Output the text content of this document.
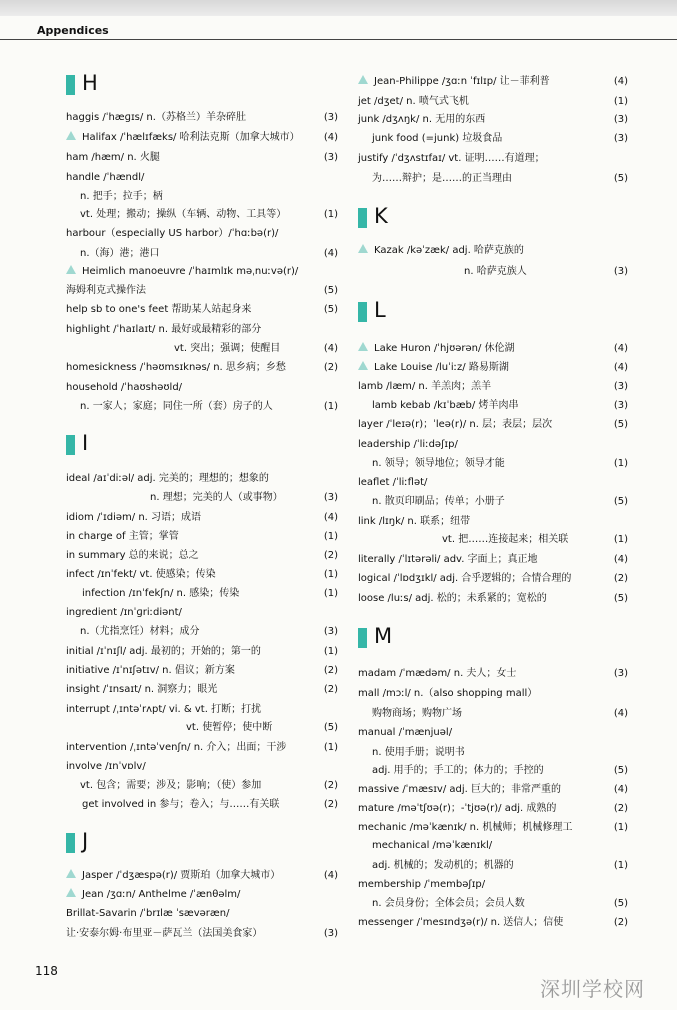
Appendices
H
haggis /ˈhæɡɪs/ n.（苏格兰）羊杂碎肚	(3)
Halifax /ˈhælɪfæks/ 哈利法克斯（加拿大城市）	(4)
ham /hæm/ n. 火腿	(3)
handle /ˈhændl/
n. 把手；拉手；柄
vt. 处理；搬动；操纵（车辆、动物、工具等）	(1)
harbour（especially US harbor）/ˈhɑːbə(r)/
n.（海）港；港口	(4)
Heimlich manoeuvre /ˈhaɪmlɪk məˌnuːvə(r)/
海姆利克式操作法	(5)
help sb to one's feet 帮助某人站起身来	(5)
highlight /ˈhaɪlaɪt/ n. 最好或最精彩的部分
vt. 突出；强调；使醒目	(4)
homesickness /ˈhəʊmsɪknəs/ n. 思乡病；乡愁	(2)
household /ˈhaʊshəʊld/
n. 一家人；家庭；同住一所（套）房子的人	(1)
I
ideal /aɪˈdiːəl/ adj. 完美的；理想的；想象的
n. 理想；完美的人（或事物）	(3)
idiom /ˈɪdiəm/ n. 习语；成语	(4)
in charge of 主管；掌管	(1)
in summary 总的来说；总之	(2)
infect /ɪnˈfekt/ vt. 使感染；传染	(1)
infection /ɪnˈfekʃn/ n. 感染；传染	(1)
ingredient /ɪnˈɡriːdiənt/
n.（尤指烹饪）材料；成分	(3)
initial /ɪˈnɪʃl/ adj. 最初的；开始的；第一的	(1)
initiative /ɪˈnɪʃətɪv/ n. 倡议；新方案	(2)
insight /ˈɪnsaɪt/ n. 洞察力；眼光	(2)
interrupt /ˌɪntəˈrʌpt/ vi. & vt. 打断；打扰
vt. 使暂停；使中断	(5)
intervention /ˌɪntəˈvenʃn/ n. 介入；出面；干涉	(1)
involve /ɪnˈvɒlv/
vt. 包含；需要；涉及；影响；（使）参加	(2)
get involved in 参与；卷入；与……有关联	(2)
J
Jasper /ˈdʒæspə(r)/ 贾斯珀（加拿大城市）	(4)
Jean /ʒɑːn/ Anthelme /ˈænθəlm/
Brillat-Savarin /ˈbrɪlæ ˈsævəræn/
让·安泰尔姆·布里亚－萨瓦兰（法国美食家）	(3)
Jean-Philippe /ʒɑːn ˈfɪlɪp/ 让－菲利普	(4)
jet /dʒet/ n. 喷气式飞机	(1)
junk /dʒʌŋk/ n. 无用的东西	(3)
junk food (=junk) 垃圾食品	(3)
justify /ˈdʒʌstɪfaɪ/ vt. 证明……有道理；
为……辩护；是……的正当理由	(5)
K
Kazak /kəˈzæk/ adj. 哈萨克族的
n. 哈萨克族人	(3)
L
Lake Huron /ˈhjʊərən/ 休伦湖	(4)
Lake Louise /luˈiːz/ 路易斯湖	(4)
lamb /læm/ n. 羊羔肉；羔羊	(3)
lamb kebab /kɪˈbæb/ 烤羊肉串	(3)
layer /ˈleɪə(r)；ˈleə(r)/ n. 层；表层；层次	(5)
leadership /ˈliːdəʃɪp/
n. 领导；领导地位；领导才能	(1)
leaflet /ˈliːflət/
n. 散页印刷品；传单；小册子	(5)
link /lɪŋk/ n. 联系；纽带
vt. 把……连接起来；相关联	(1)
literally /ˈlɪtərəli/ adv. 字面上；真正地	(4)
logical /ˈlɒdʒɪkl/ adj. 合乎逻辑的；合情合理的	(2)
loose /luːs/ adj. 松的；未系紧的；宽松的	(5)
M
madam /ˈmædəm/ n. 夫人；女士	(3)
mall /mɔːl/ n.（also shopping mall）
购物商场；购物广场	(4)
manual /ˈmænjuəl/
n. 使用手册；说明书
adj. 用手的；手工的；体力的；手控的	(5)
massive /ˈmæsɪv/ adj. 巨大的；非常严重的	(4)
mature /məˈtʃʊə(r)；-ˈtjʊə(r)/ adj. 成熟的	(2)
mechanic /məˈkænɪk/ n. 机械师；机械修理工	(1)
mechanical /məˈkænɪkl/
adj. 机械的；发动机的；机器的	(1)
membership /ˈmembəʃɪp/
n. 会员身份；全体会员；会员人数	(5)
messenger /ˈmesɪndʒə(r)/ n. 送信人；信使	(2)
118
深圳学校网
